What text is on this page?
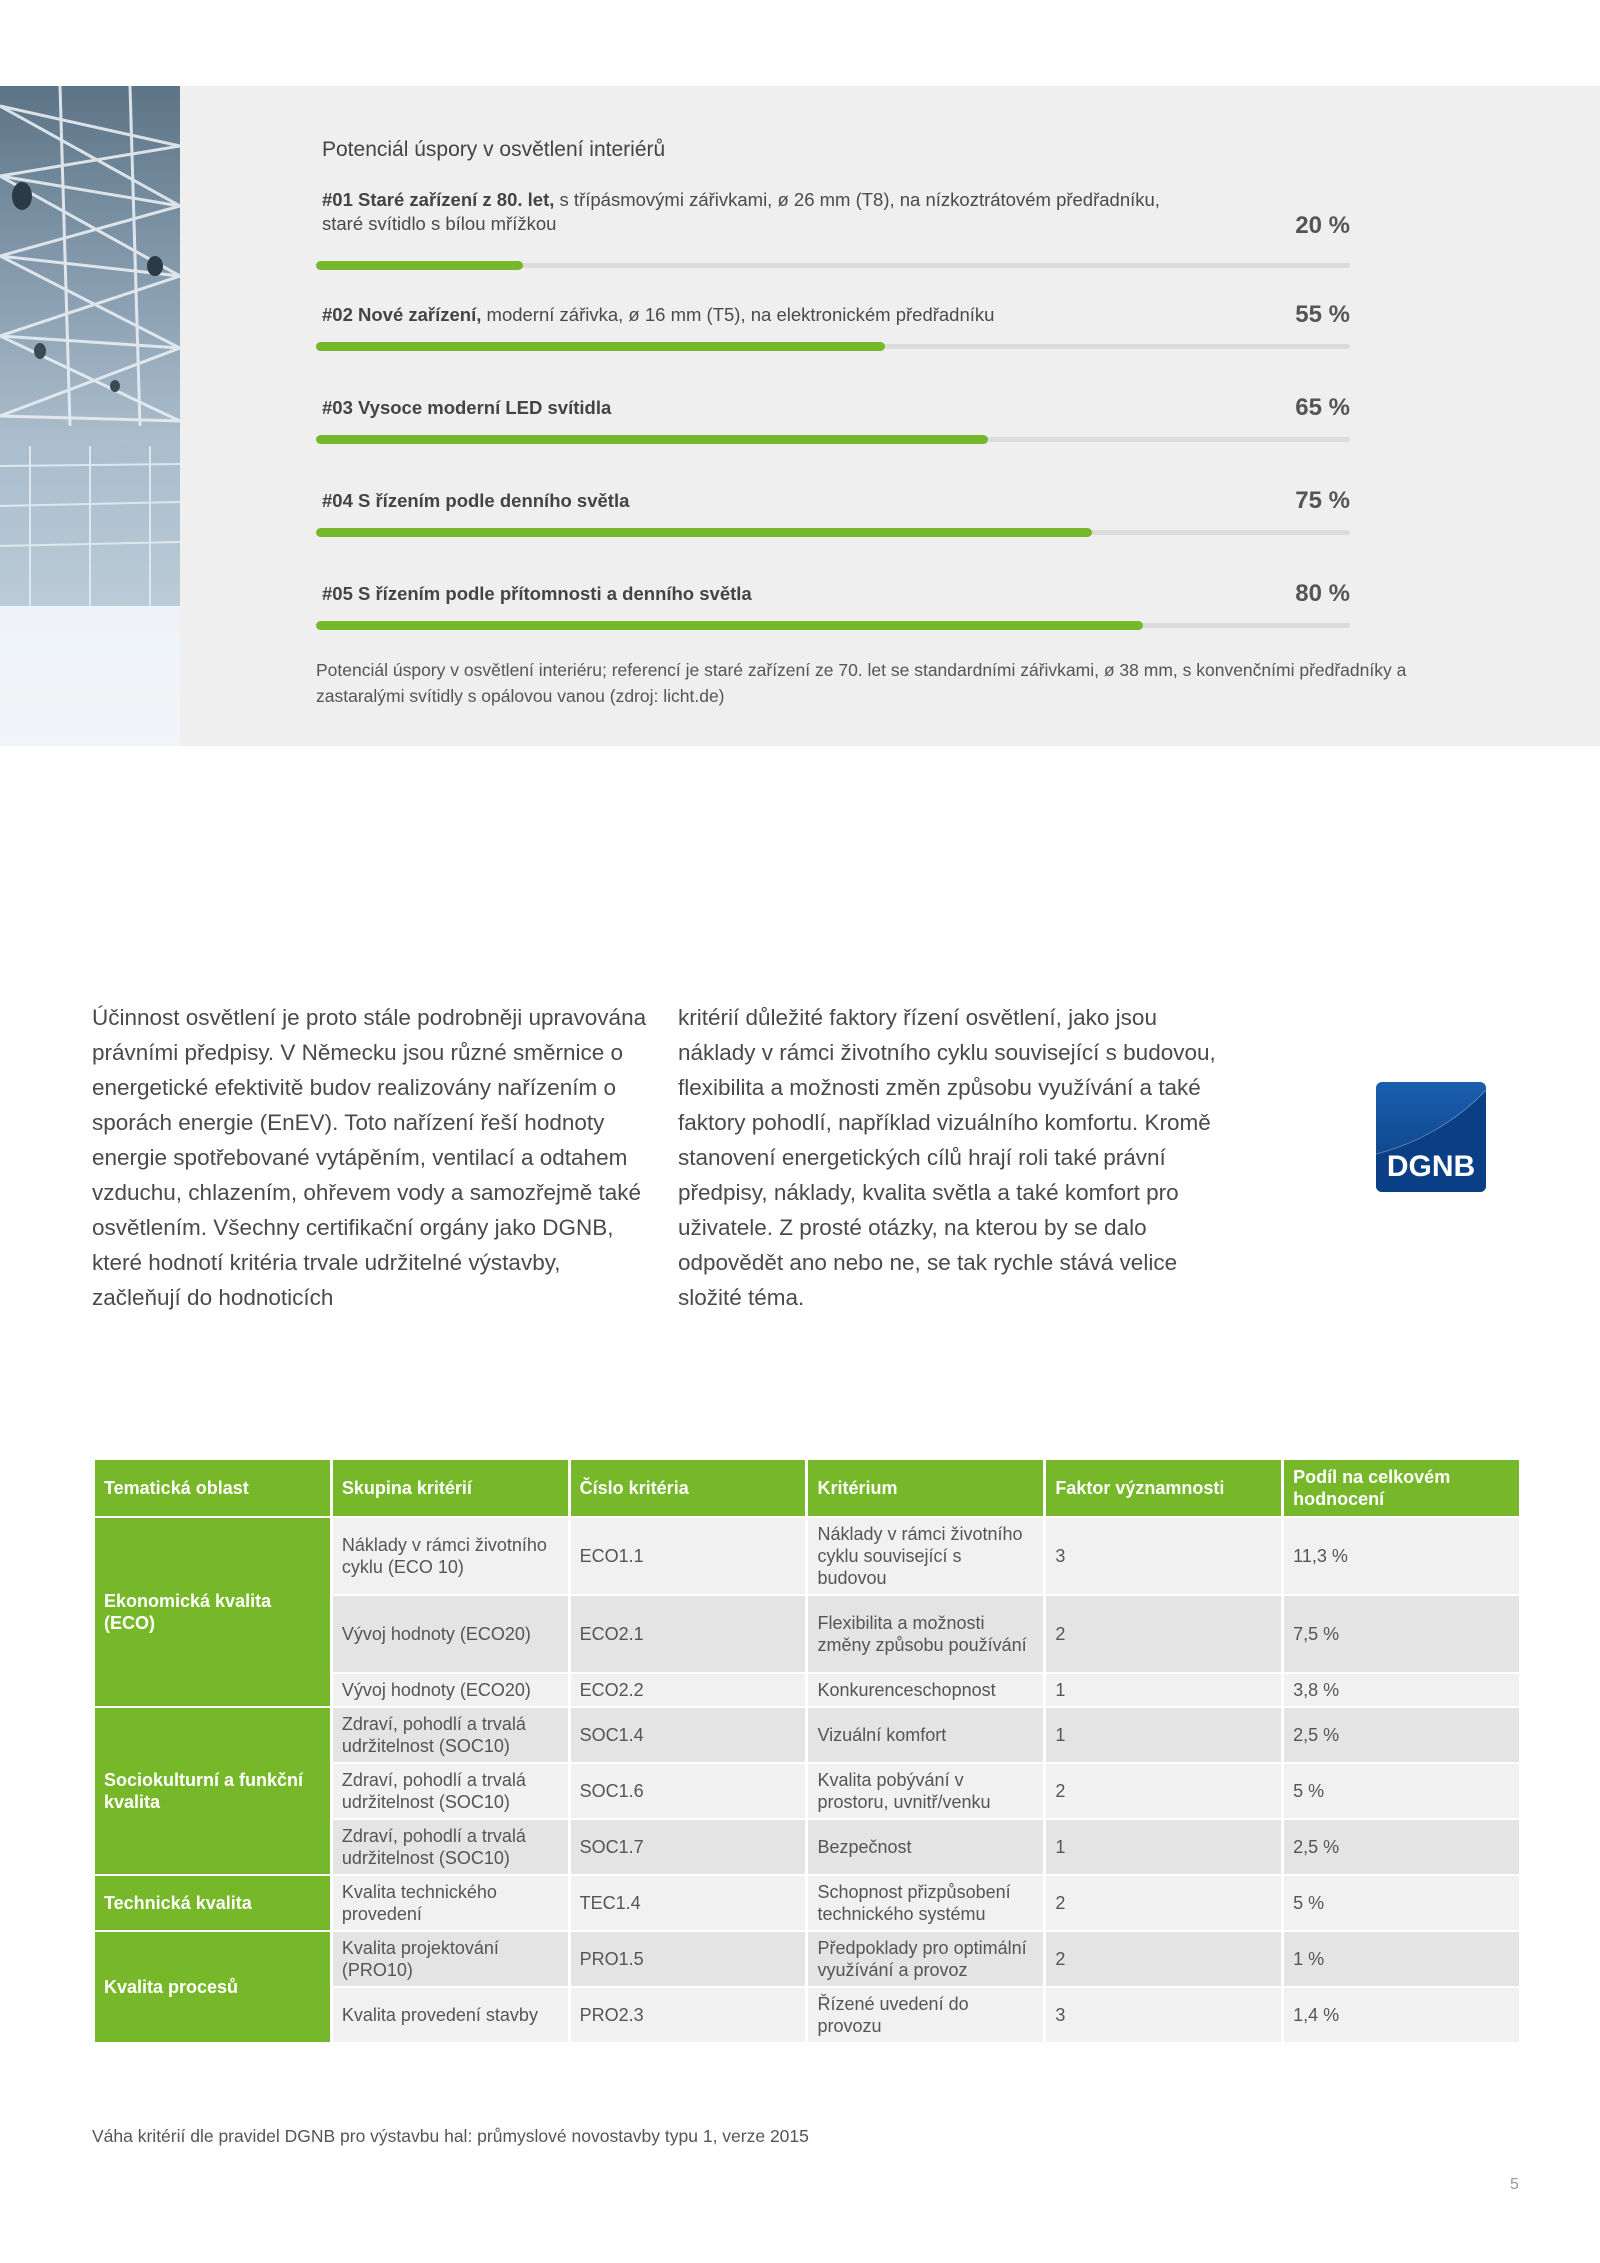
Potenciál úspory v osvětlení interiérů
#01 Staré zařízení z 80. let, s třípásmovými zářivkami, ø 26 mm (T8), na nízkoztrátovém předřadníku,
staré svítidlo s bílou mřížkou	20 %
#02 Nové zařízení, moderní zářivka, ø 16 mm (T5), na elektronickém předřadníku	55 %
#03 Vysoce moderní LED svítidla	65 %
#04 S řízením podle denního světla	75 %
#05 S řízením podle přítomnosti a denního světla	80 %

Potenciál úspory v osvětlení interiéru; referencí je staré zařízení ze 70. let se standardními zářivkami, ø 38 mm, s konvenčními předřadníky a zastaralými svítidly s opálovou vanou (zdroj: licht.de)

Účinnost osvětlení je proto stále podrobněji upravována právními předpisy. V Německu jsou různé směrnice o energetické efektivitě budov realizovány nařízením o sporách energie (EnEV). Toto nařízení řeší hodnoty energie spotřebované vytápěním, ventilací a odtahem vzduchu, chlazením, ohřevem vody a samozřejmě také osvětlením. Všechny certifikační orgány jako DGNB, které hodnotí kritéria trvale udržitelné výstavby, začleňují do hodnoticích

kritérií důležité faktory řízení osvětlení, jako jsou náklady v rámci životního cyklu související s budovou, flexibilita a možnosti změn způsobu využívání a také faktory pohodlí, například vizuálního komfortu. Kromě stanovení energetických cílů hrají roli také právní předpisy, náklady, kvalita světla a také komfort pro uživatele. Z prosté otázky, na kterou by se dalo odpovědět ano nebo ne, se tak rychle stává velice složité téma.

DGNB
Tematická oblast	Skupina kritérií	Číslo kritéria	Kritérium	Faktor významnosti	Podíl na celkovém hodnocení
Ekonomická kvalita (ECO)	Náklady v rámci životního cyklu (ECO 10)	ECO1.1	Náklady v rámci životního cyklu související s budovou	3	11,3 %
	Vývoj hodnoty (ECO20)	ECO2.1	Flexibilita a možnosti změny způsobu používání	2	7,5 %
	Vývoj hodnoty (ECO20)	ECO2.2	Konkurenceschopnost	1	3,8 %
Sociokulturní a funkční kvalita	Zdraví, pohodlí a trvalá udržitelnost (SOC10)	SOC1.4	Vizuální komfort	1	2,5 %
	Zdraví, pohodlí a trvalá udržitelnost (SOC10)	SOC1.6	Kvalita pobývání v prostoru, uvnitř/venku	2	5 %
	Zdraví, pohodlí a trvalá udržitelnost (SOC10)	SOC1.7	Bezpečnost	1	2,5 %
Technická kvalita	Kvalita technického provedení	TEC1.4	Schopnost přizpůsobení technického systému	2	5 %
Kvalita procesů	Kvalita projektování (PRO10)	PRO1.5	Předpoklady pro optimální využívání a provoz	2	1 %
	Kvalita provedení stavby	PRO2.3	Řízené uvedení do provozu	3	1,4 %

Váha kritérií dle pravidel DGNB pro výstavbu hal: průmyslové novostavby typu 1, verze 2015

5
